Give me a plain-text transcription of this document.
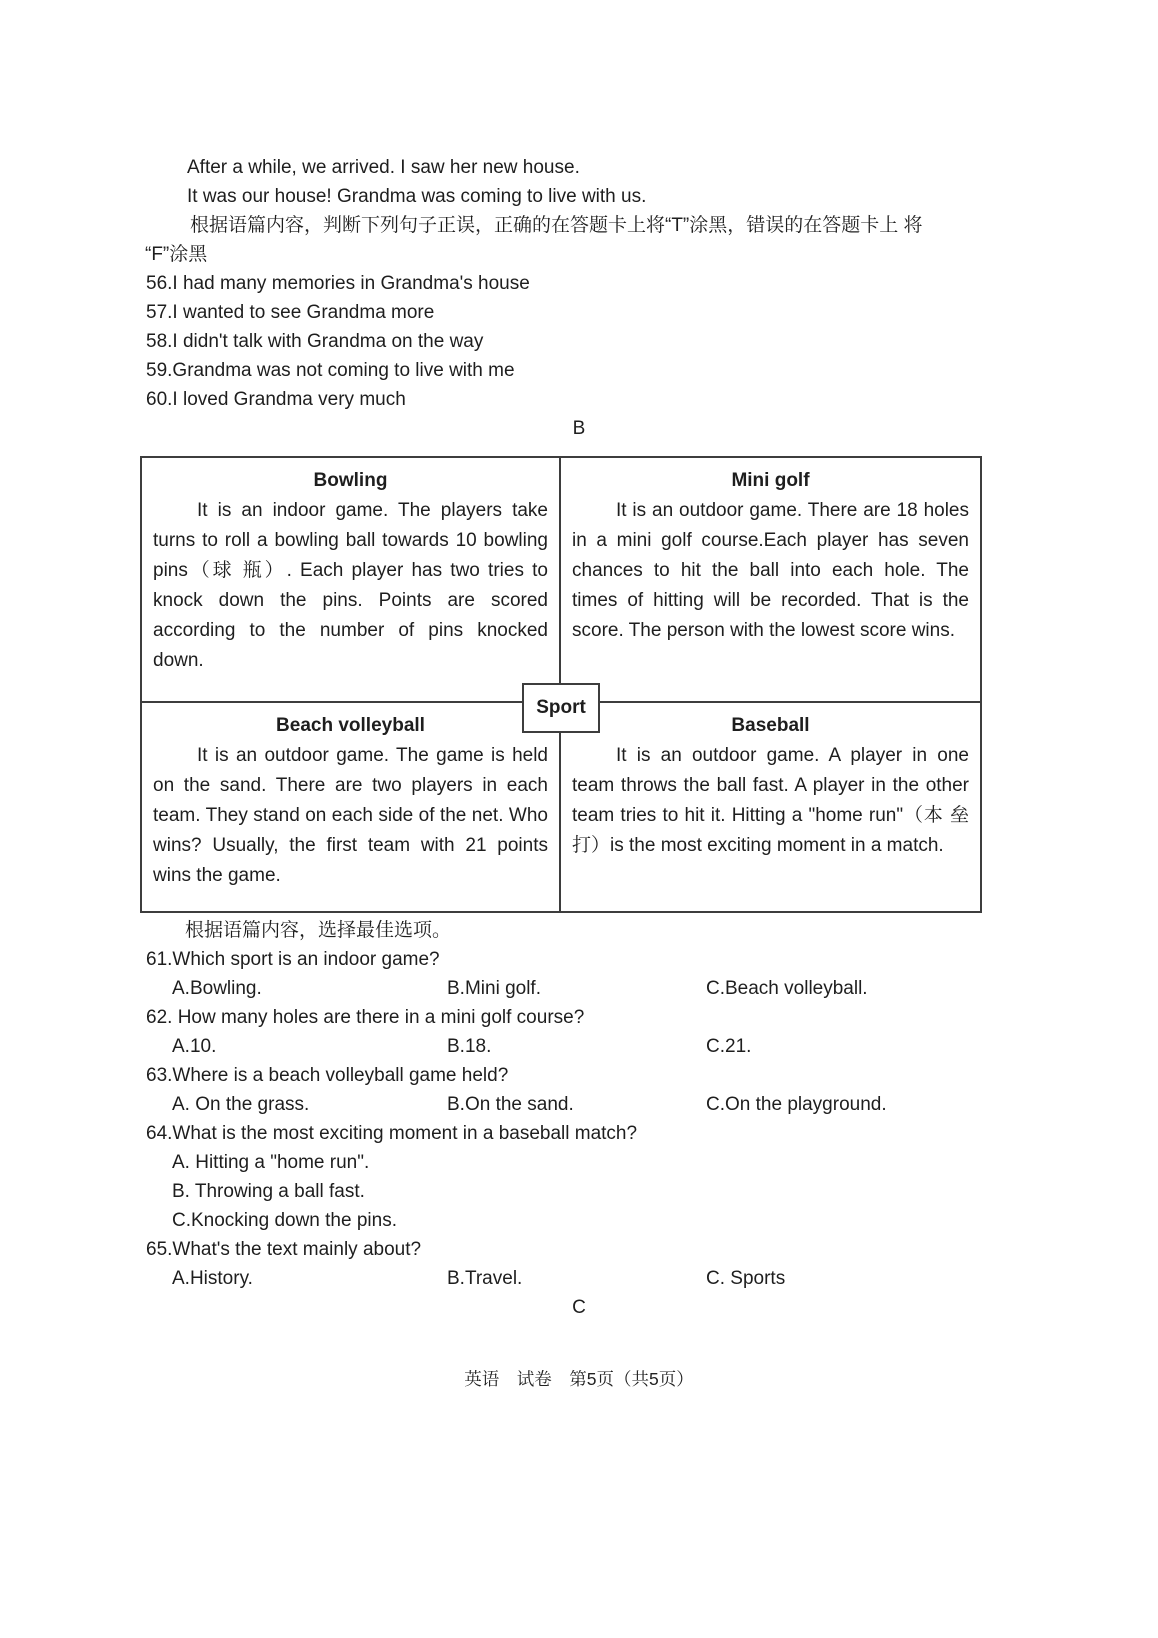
After a while, we arrived. I saw her new house.
It was our house! Grandma was coming to live with us.
根据语篇内容，判断下列句子正误，正确的在答题卡上将“T”涂黑，错误的在答题卡上 将
“F”涂黑
56.I had many memories in Grandma's house
57.I wanted to see Grandma more
58.I didn't talk with Grandma on the way
59.Grandma was not coming to live with me
60.I loved Grandma very much
B
Bowling
It is an indoor game. The players take turns to roll a bowling ball towards 10 bowling pins（球 瓶）. Each player has two tries to knock down the pins. Points are scored according to the number of pins knocked down.
Mini golf
It is an outdoor game. There are 18 holes in a mini golf course.Each player has seven chances to hit the ball into each hole. The times of hitting will be recorded. That is the score. The person with the lowest score wins.
Beach volleyball
It is an outdoor game. The game is held on the sand. There are two players in each team. They stand on each side of the net. Who wins? Usually, the first team with 21 points wins the game.
Baseball
It is an outdoor game. A player in one team throws the ball fast. A player in the other team tries to hit it. Hitting a "home run"（本 垒 打）is the most exciting moment in a match.
Sport
根据语篇内容，选择最佳选项。
61.Which sport is an indoor game?
A.Bowling.	B.Mini golf.	C.Beach volleyball.
62. How many holes are there in a mini golf course?
A.10.	B.18.	C.21.
63.Where is a beach volleyball game held?
A. On the grass.	B.On the sand.	C.On the playground.
64.What is the most exciting moment in a baseball match?
A. Hitting a "home run".
B. Throwing a ball fast.
C.Knocking down the pins.
65.What's the text mainly about?
A.History.	B.Travel.	C. Sports
C
英语　试卷　第5页（共5页）
